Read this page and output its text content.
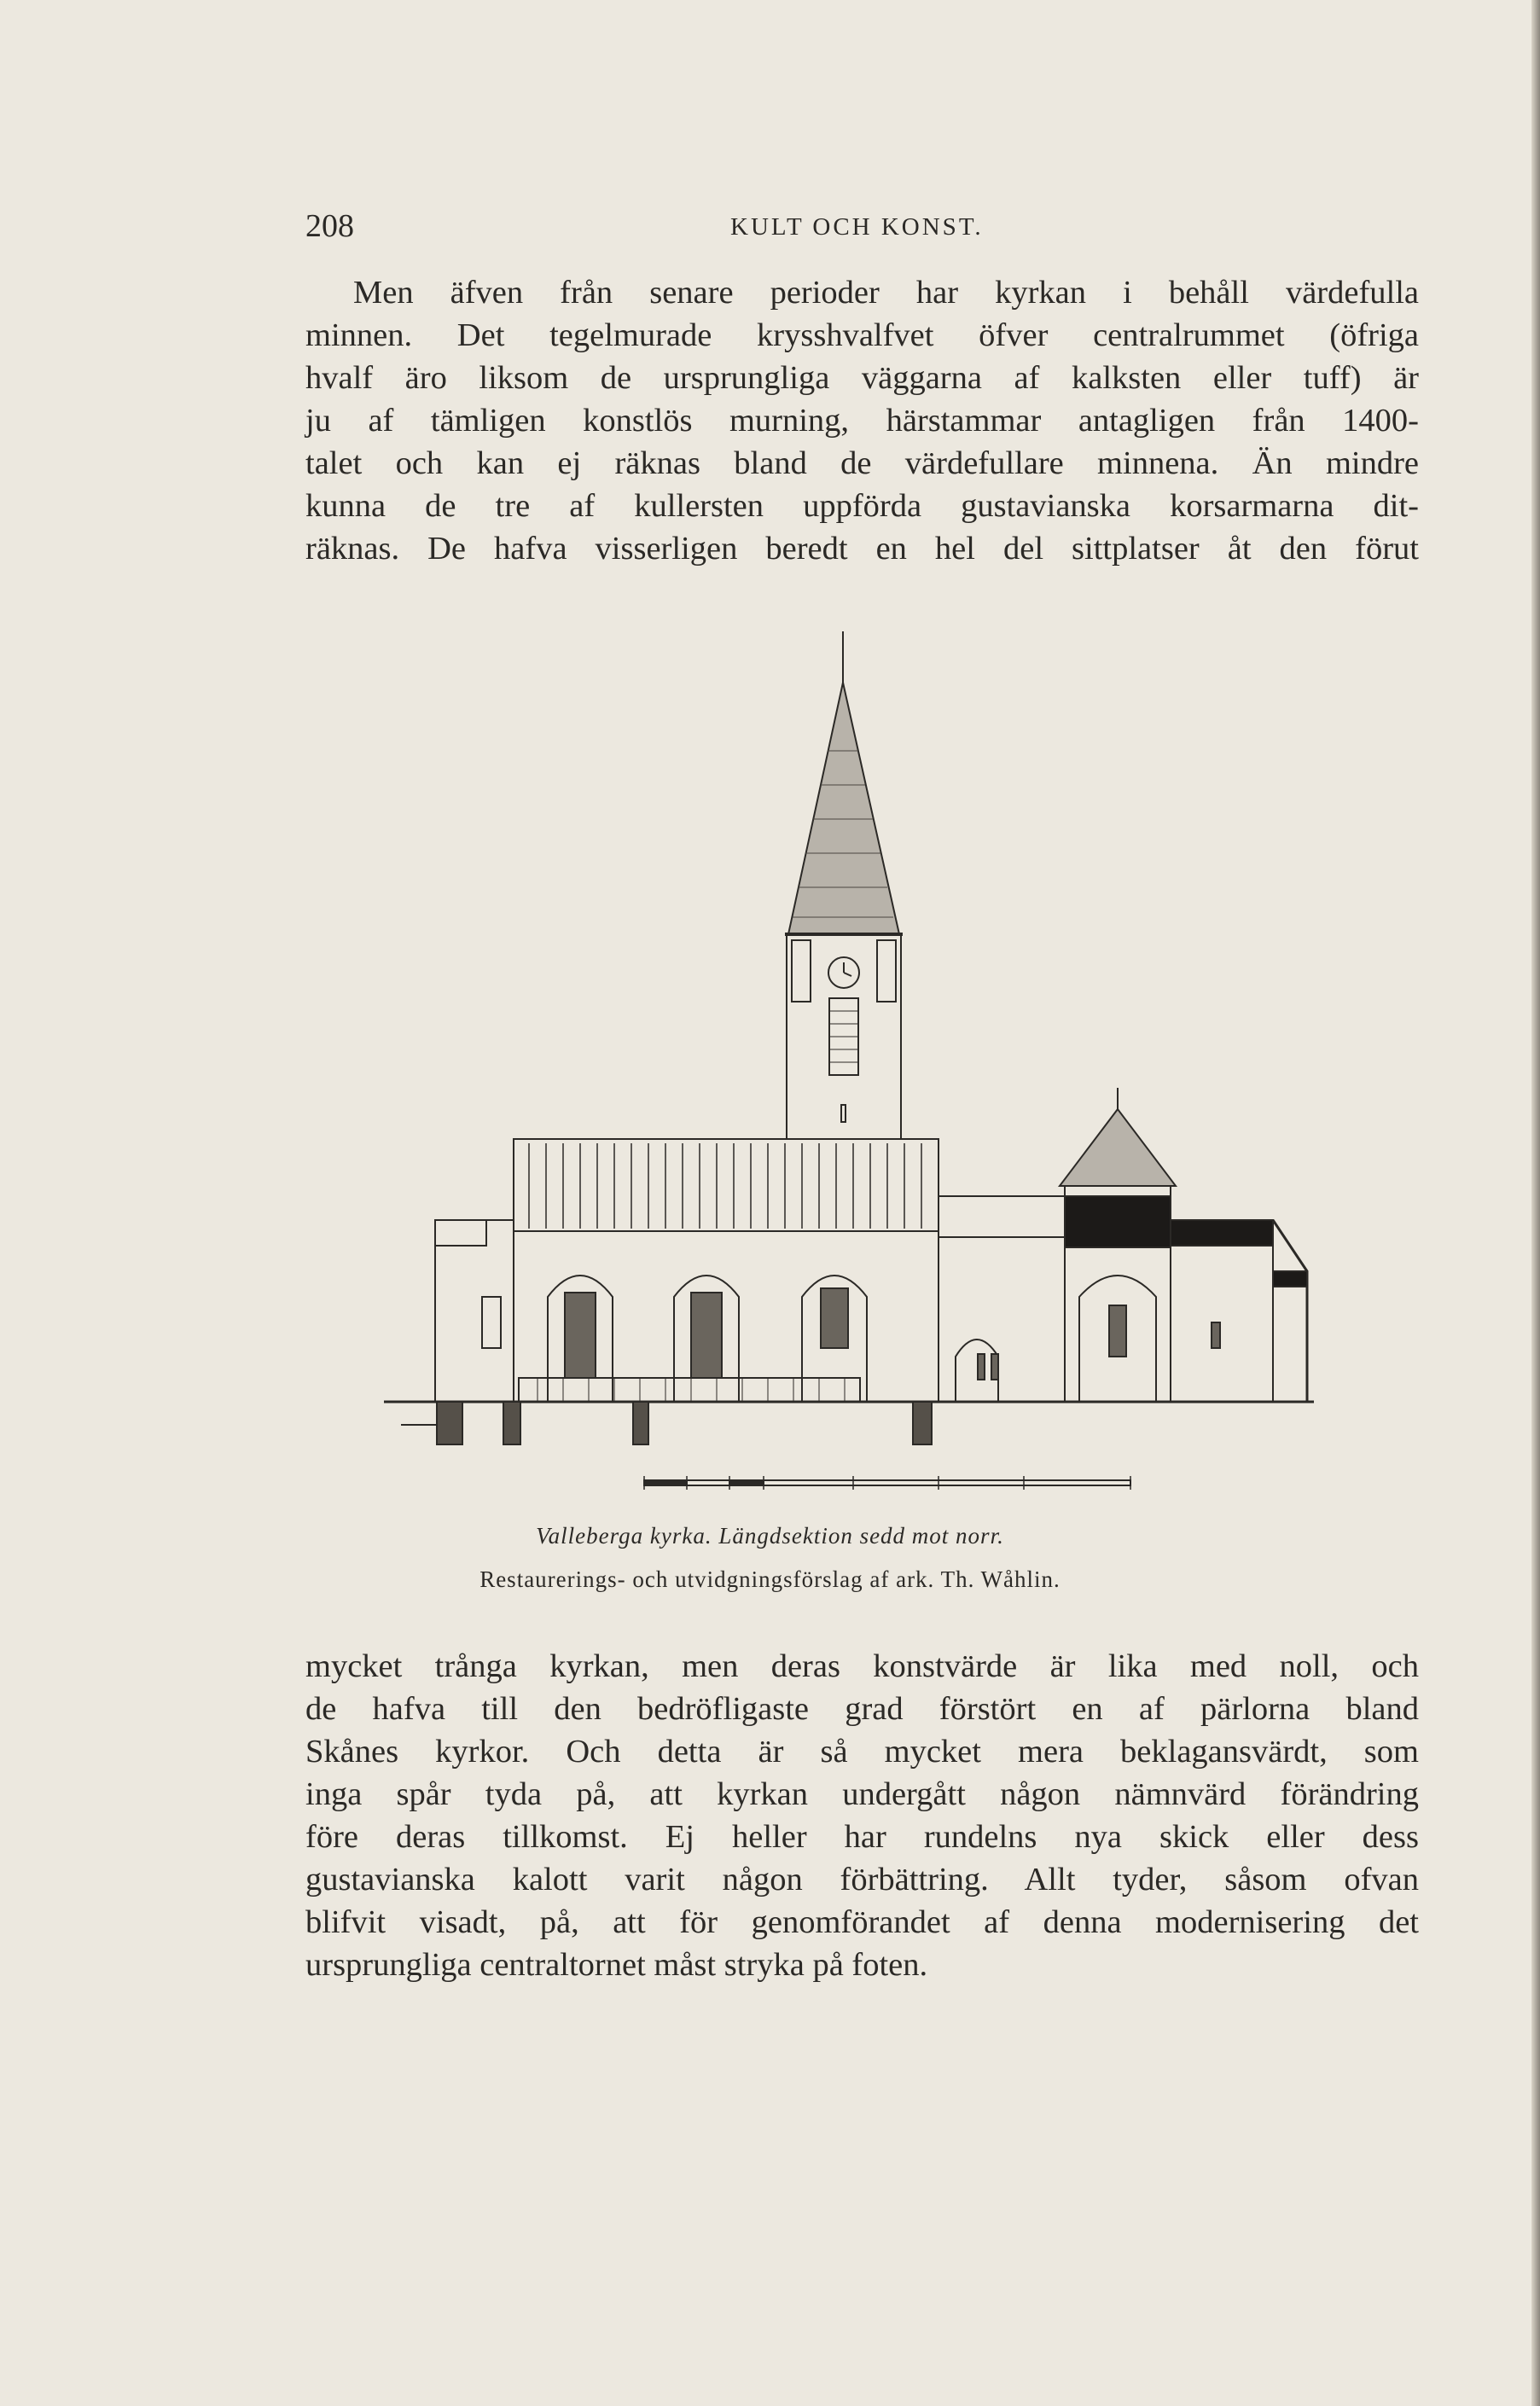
208	KULT OCH KONST.
Men äfven från senare perioder har kyrkan i behåll värdefulla
minnen. Det tegelmurade krysshvalfvet öfver centralrummet (öfriga
hvalf äro liksom de ursprungliga väggarna af kalksten eller tuff) är
ju af tämligen konstlös murning, härstammar antagligen från 1400-
talet och kan ej räknas bland de värdefullare minnena. Än mindre
kunna de tre af kullersten uppförda gustavianska korsarmarna dit-
räknas. De hafva visserligen beredt en hel del sittplatser åt den förut
Valleberga kyrka. Längdsektion sedd mot norr.
Restaurerings- och utvidgningsförslag af ark. Th. Wåhlin.
mycket trånga kyrkan, men deras konstvärde är lika med noll, och
de hafva till den bedröfligaste grad förstört en af pärlorna bland
Skånes kyrkor. Och detta är så mycket mera beklagansvärdt, som
inga spår tyda på, att kyrkan undergått någon nämnvärd förändring
före deras tillkomst. Ej heller har rundelns nya skick eller dess
gustavianska kalott varit någon förbättring. Allt tyder, såsom ofvan
blifvit visadt, på, att för genomförandet af denna modernisering det
ursprungliga centraltornet måst stryka på foten.
